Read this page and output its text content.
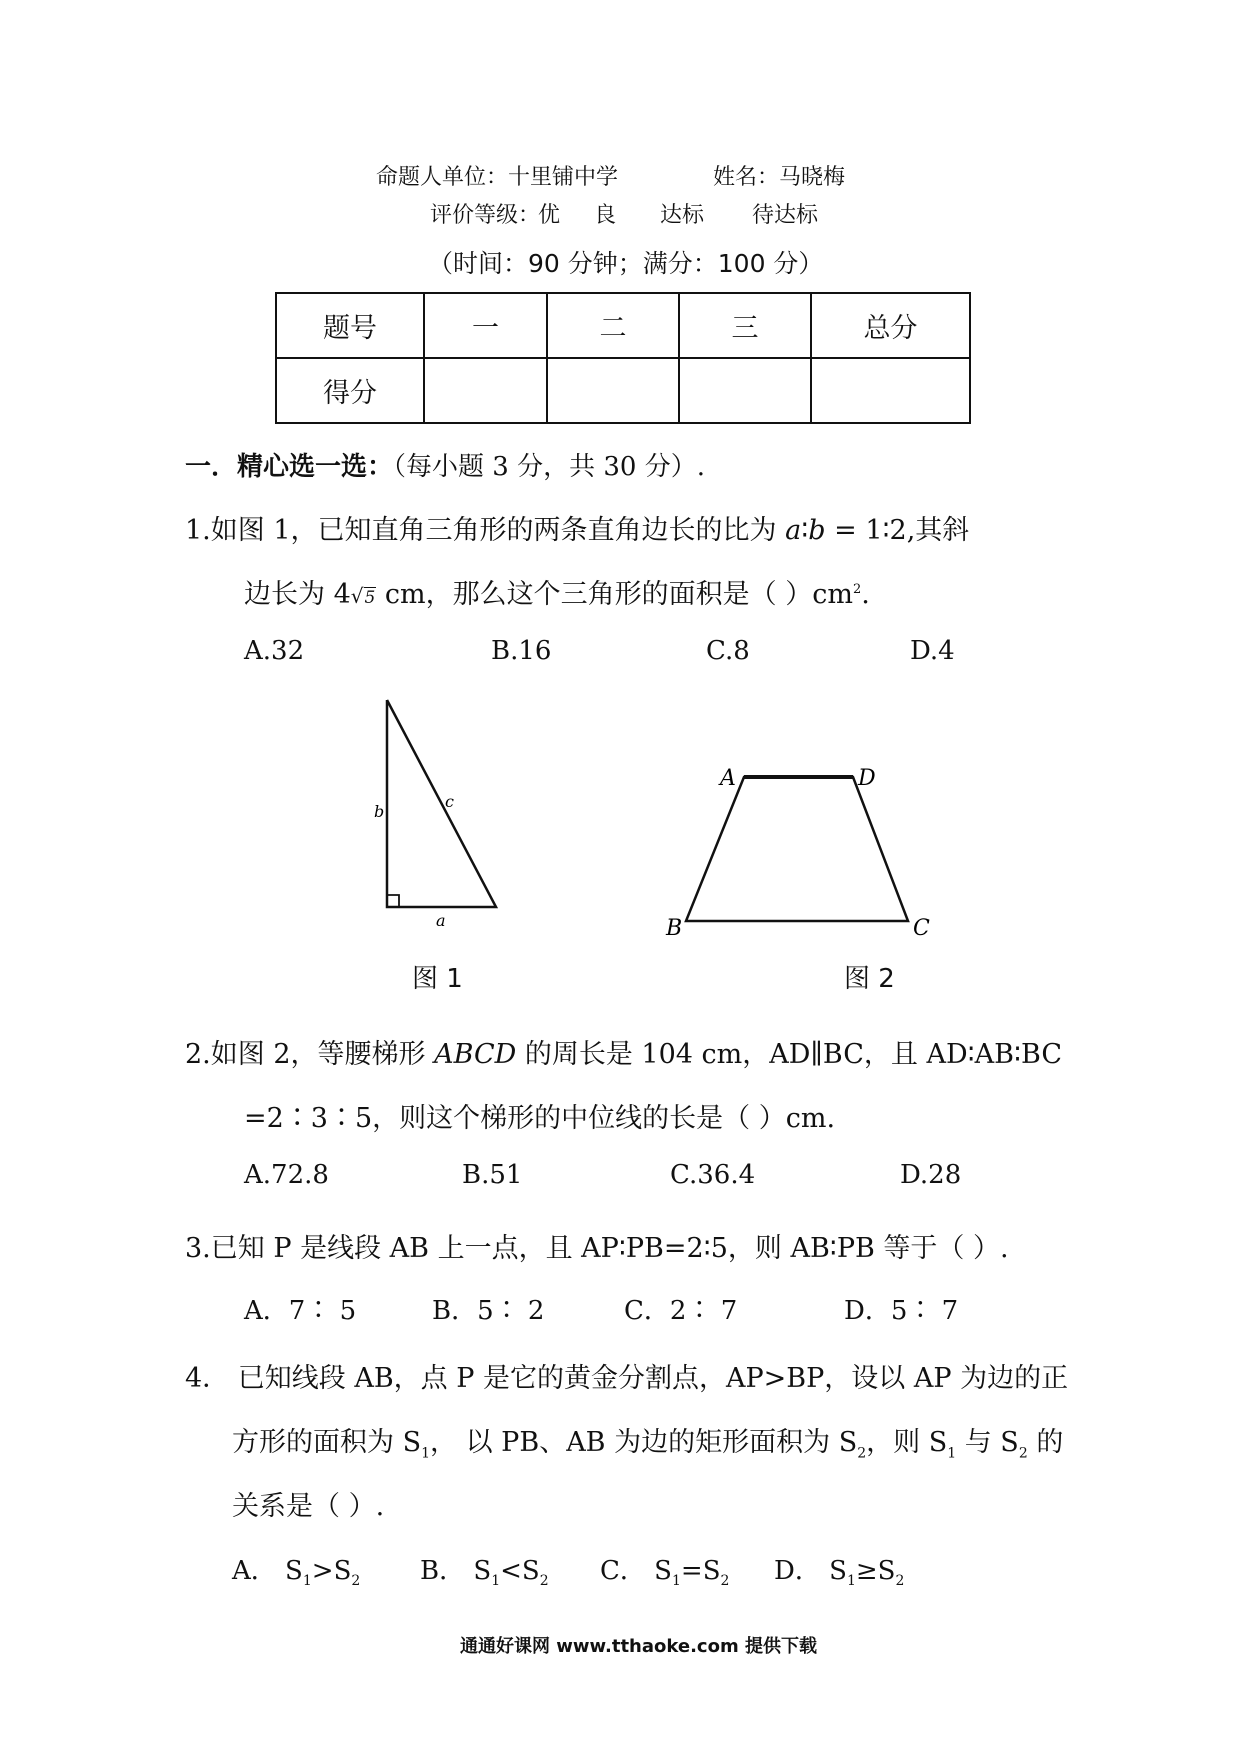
命题人单位：十里铺中学	姓名：马晓梅
评价等级：
优 良 达标 待达标
（时间：90 分钟；满分：100 分）
题号	一	二	三	总分
得分				
一．精心选一选：（每小题 3 分，共 30 分）.
1.如图 1，已知直角三角形的两条直角边长的比为 a∶b = 1∶2,其斜
边长为 4√5 cm，那么这个三角形的面积是（ ）$cm^2$.
A.32	B.16	C.8	D.4
b
c
a
图 1
A	D
B	C
图 2
2.如图 2，等腰梯形 ABCD 的周长是 104 cm，AD∥BC，且 AD∶AB∶BC
=2∶3∶5，则这个梯形的中位线的长是（ ）cm.
A.72.8	B.51	C.36.4	D.28
3.已知 P 是线段 AB 上一点，且 AP∶PB=2∶5，则 AB∶PB 等于（ ）.
A．7∶ 5	B．5∶ 2	C．2∶ 7	D．5∶ 7
4． 已知线段 AB，点 P 是它的黄金分割点，AP>BP，设以 AP 为边的正
方形的面积为 $S_1$， 以 PB、AB 为边的矩形面积为 $S_2$，则 $S_1$ 与 $S_2$ 的
关系是（ ）.
A． $S_1>S_2$ B． $S_1<S_2$ C． $S_1=S_2$ D． $S_1\ge S_2$
通通好课网 www.tthaoke.com 提供下载
